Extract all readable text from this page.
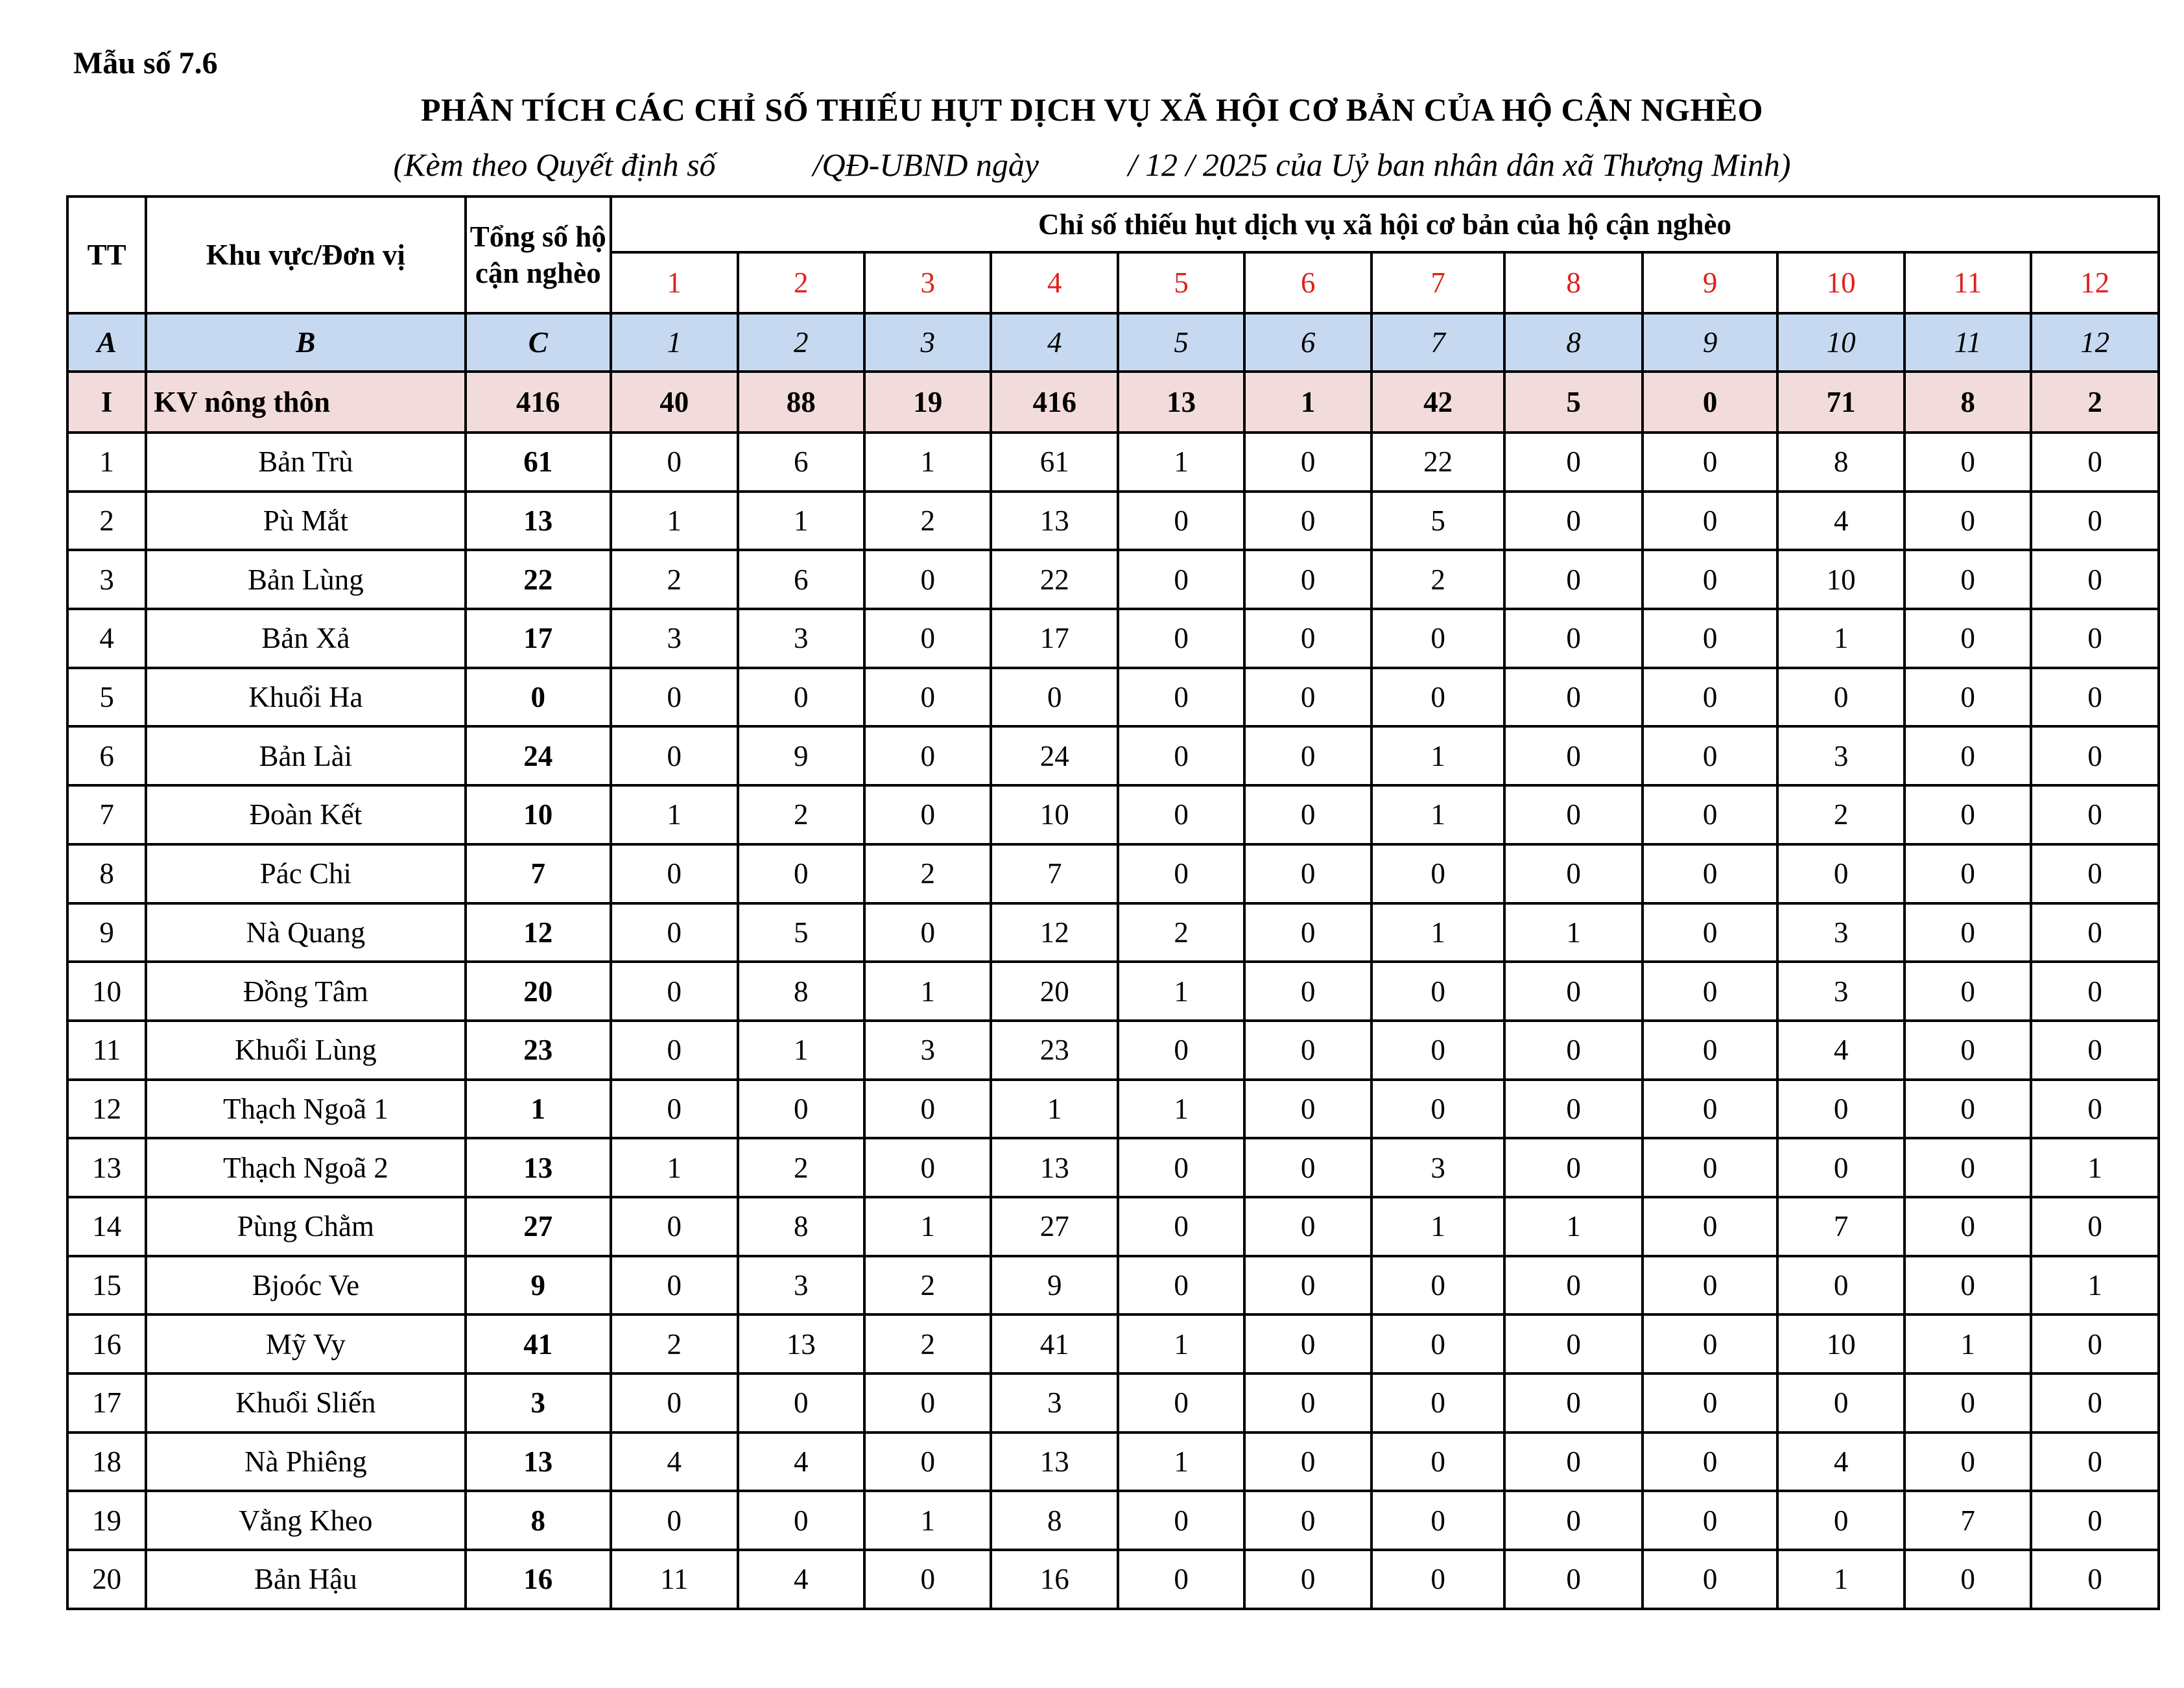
Mẫu số 7.6
PHÂN TÍCH CÁC CHỈ SỐ THIẾU HỤT DỊCH VỤ XÃ HỘI CƠ BẢN CỦA HỘ CẬN NGHÈO
(Kèm theo Quyết định số            /QĐ-UBND ngày           / 12 / 2025 của Uỷ ban nhân dân xã Thượng Minh)
TT	Khu vực/Đơn vị	Tổng số hộ cận nghèo	Chỉ số thiếu hụt dịch vụ xã hội cơ bản của hộ cận nghèo											
			1	2	3	4	5	6	7	8	9	10	11	12
A	B	C	1	2	3	4	5	6	7	8	9	10	11	12
I	KV nông thôn	416	40	88	19	416	13	1	42	5	0	71	8	2
1	Bản Trù	61	0	6	1	61	1	0	22	0	0	8	0	0
2	Pù Mắt	13	1	1	2	13	0	0	5	0	0	4	0	0
3	Bản Lùng	22	2	6	0	22	0	0	2	0	0	10	0	0
4	Bản Xả	17	3	3	0	17	0	0	0	0	0	1	0	0
5	Khuổi Ha	0	0	0	0	0	0	0	0	0	0	0	0	0
6	Bản Lài	24	0	9	0	24	0	0	1	0	0	3	0	0
7	Đoàn Kết	10	1	2	0	10	0	0	1	0	0	2	0	0
8	Pác Chi	7	0	0	2	7	0	0	0	0	0	0	0	0
9	Nà Quang	12	0	5	0	12	2	0	1	1	0	3	0	0
10	Đồng Tâm	20	0	8	1	20	1	0	0	0	0	3	0	0
11	Khuổi Lùng	23	0	1	3	23	0	0	0	0	0	4	0	0
12	Thạch Ngoã 1	1	0	0	0	1	1	0	0	0	0	0	0	0
13	Thạch Ngoã 2	13	1	2	0	13	0	0	3	0	0	0	0	1
14	Pùng Chằm	27	0	8	1	27	0	0	1	1	0	7	0	0
15	Bjoóc Ve	9	0	3	2	9	0	0	0	0	0	0	0	1
16	Mỹ Vy	41	2	13	2	41	1	0	0	0	0	10	1	0
17	Khuổi Sliến	3	0	0	0	3	0	0	0	0	0	0	0	0
18	Nà Phiêng	13	4	4	0	13	1	0	0	0	0	4	0	0
19	Vằng Kheo	8	0	0	1	8	0	0	0	0	0	0	7	0
20	Bản Hậu	16	11	4	0	16	0	0	0	0	0	1	0	0
